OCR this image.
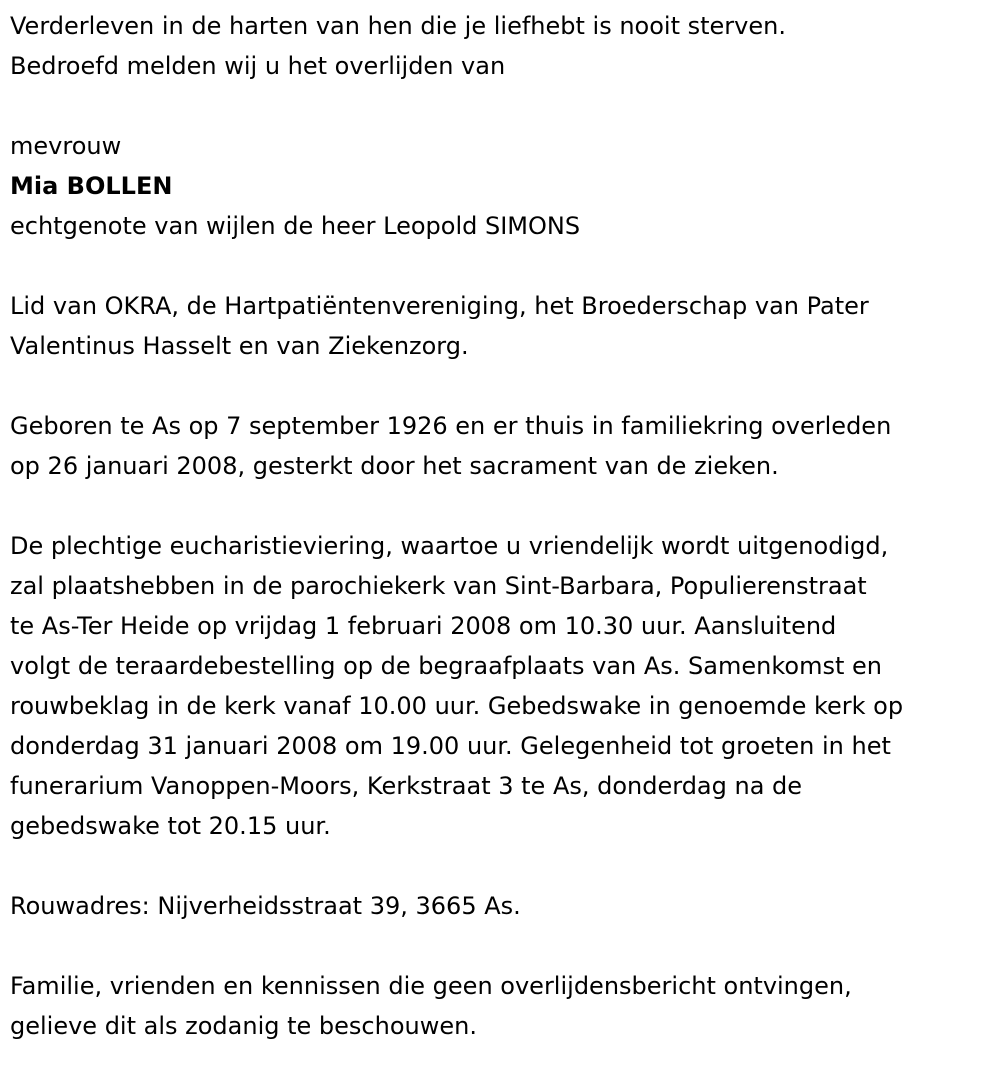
Verderleven in de harten van hen die je liefhebt is nooit sterven.
Bedroefd melden wij u het overlijden van
mevrouw
Mia BOLLEN
echtgenote van wijlen de heer Leopold SIMONS
Lid van OKRA, de Hartpatiëntenvereniging, het Broederschap van Pater
Valentinus Hasselt en van Ziekenzorg.
Geboren te As op 7 september 1926 en er thuis in familiekring overleden
op 26 januari 2008, gesterkt door het sacrament van de zieken.
De plechtige eucharistieviering, waartoe u vriendelijk wordt uitgenodigd,
zal plaatshebben in de parochiekerk van Sint-Barbara, Populierenstraat
te As-Ter Heide op vrijdag 1 februari 2008 om 10.30 uur. Aansluitend
volgt de teraardebestelling op de begraafplaats van As. Samenkomst en
rouwbeklag in de kerk vanaf 10.00 uur. Gebedswake in genoemde kerk op
donderdag 31 januari 2008 om 19.00 uur. Gelegenheid tot groeten in het
funerarium Vanoppen-Moors, Kerkstraat 3 te As, donderdag na de
gebedswake tot 20.15 uur.
Rouwadres: Nijverheidsstraat 39, 3665 As.
Familie, vrienden en kennissen die geen overlijdensbericht ontvingen,
gelieve dit als zodanig te beschouwen.
